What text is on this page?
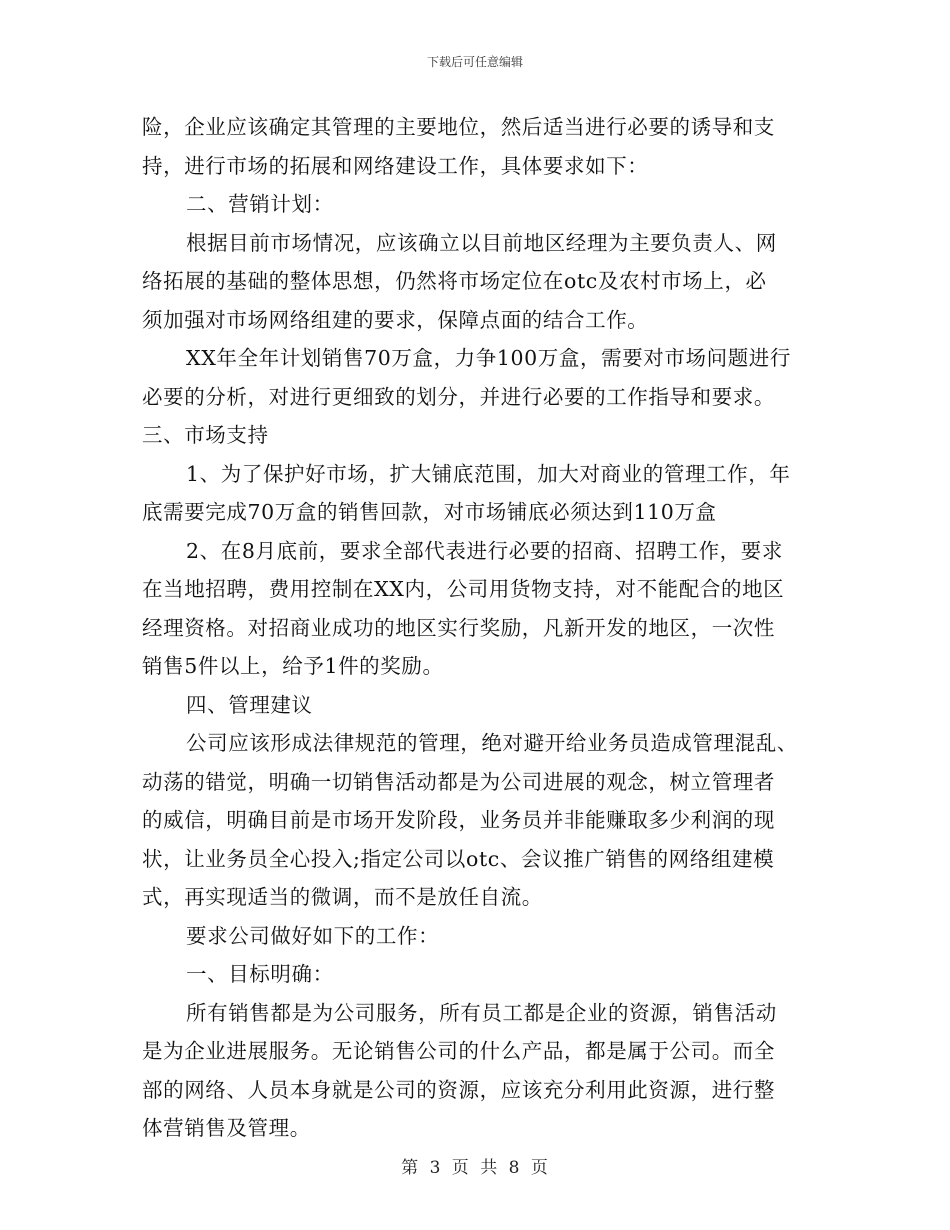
下载后可任意编辑

险，企业应该确定其管理的主要地位，然后适当进行必要的诱导和支

持，进行市场的拓展和网络建设工作，具体要求如下：

二、营销计划：

根据目前市场情况，应该确立以目前地区经理为主要负责人、网

络拓展的基础的整体思想，仍然将市场定位在otc及农村市场上，必

须加强对市场网络组建的要求，保障点面的结合工作。

XX年全年计划销售70万盒，力争100万盒，需要对市场问题进行

必要的分析，对进行更细致的划分，并进行必要的工作指导和要求。

三、市场支持

1、为了保护好市场，扩大铺底范围，加大对商业的管理工作，年

底需要完成70万盒的销售回款，对市场铺底必须达到110万盒

2、在8月底前，要求全部代表进行必要的招商、招聘工作，要求

在当地招聘，费用控制在XX内，公司用货物支持，对不能配合的地区

经理资格。对招商业成功的地区实行奖励，凡新开发的地区，一次性

销售5件以上，给予1件的奖励。

四、管理建议

公司应该形成法律规范的管理，绝对避开给业务员造成管理混乱、

动荡的错觉，明确一切销售活动都是为公司进展的观念，树立管理者

的威信，明确目前是市场开发阶段，业务员并非能赚取多少利润的现

状，让业务员全心投入;指定公司以otc、会议推广销售的网络组建模

式，再实现适当的微调，而不是放任自流。

要求公司做好如下的工作：

一、目标明确：

所有销售都是为公司服务，所有员工都是企业的资源，销售活动

是为企业进展服务。无论销售公司的什么产品，都是属于公司。而全

部的网络、人员本身就是公司的资源，应该充分利用此资源，进行整

体营销售及管理。

第 3 页 共 8 页
